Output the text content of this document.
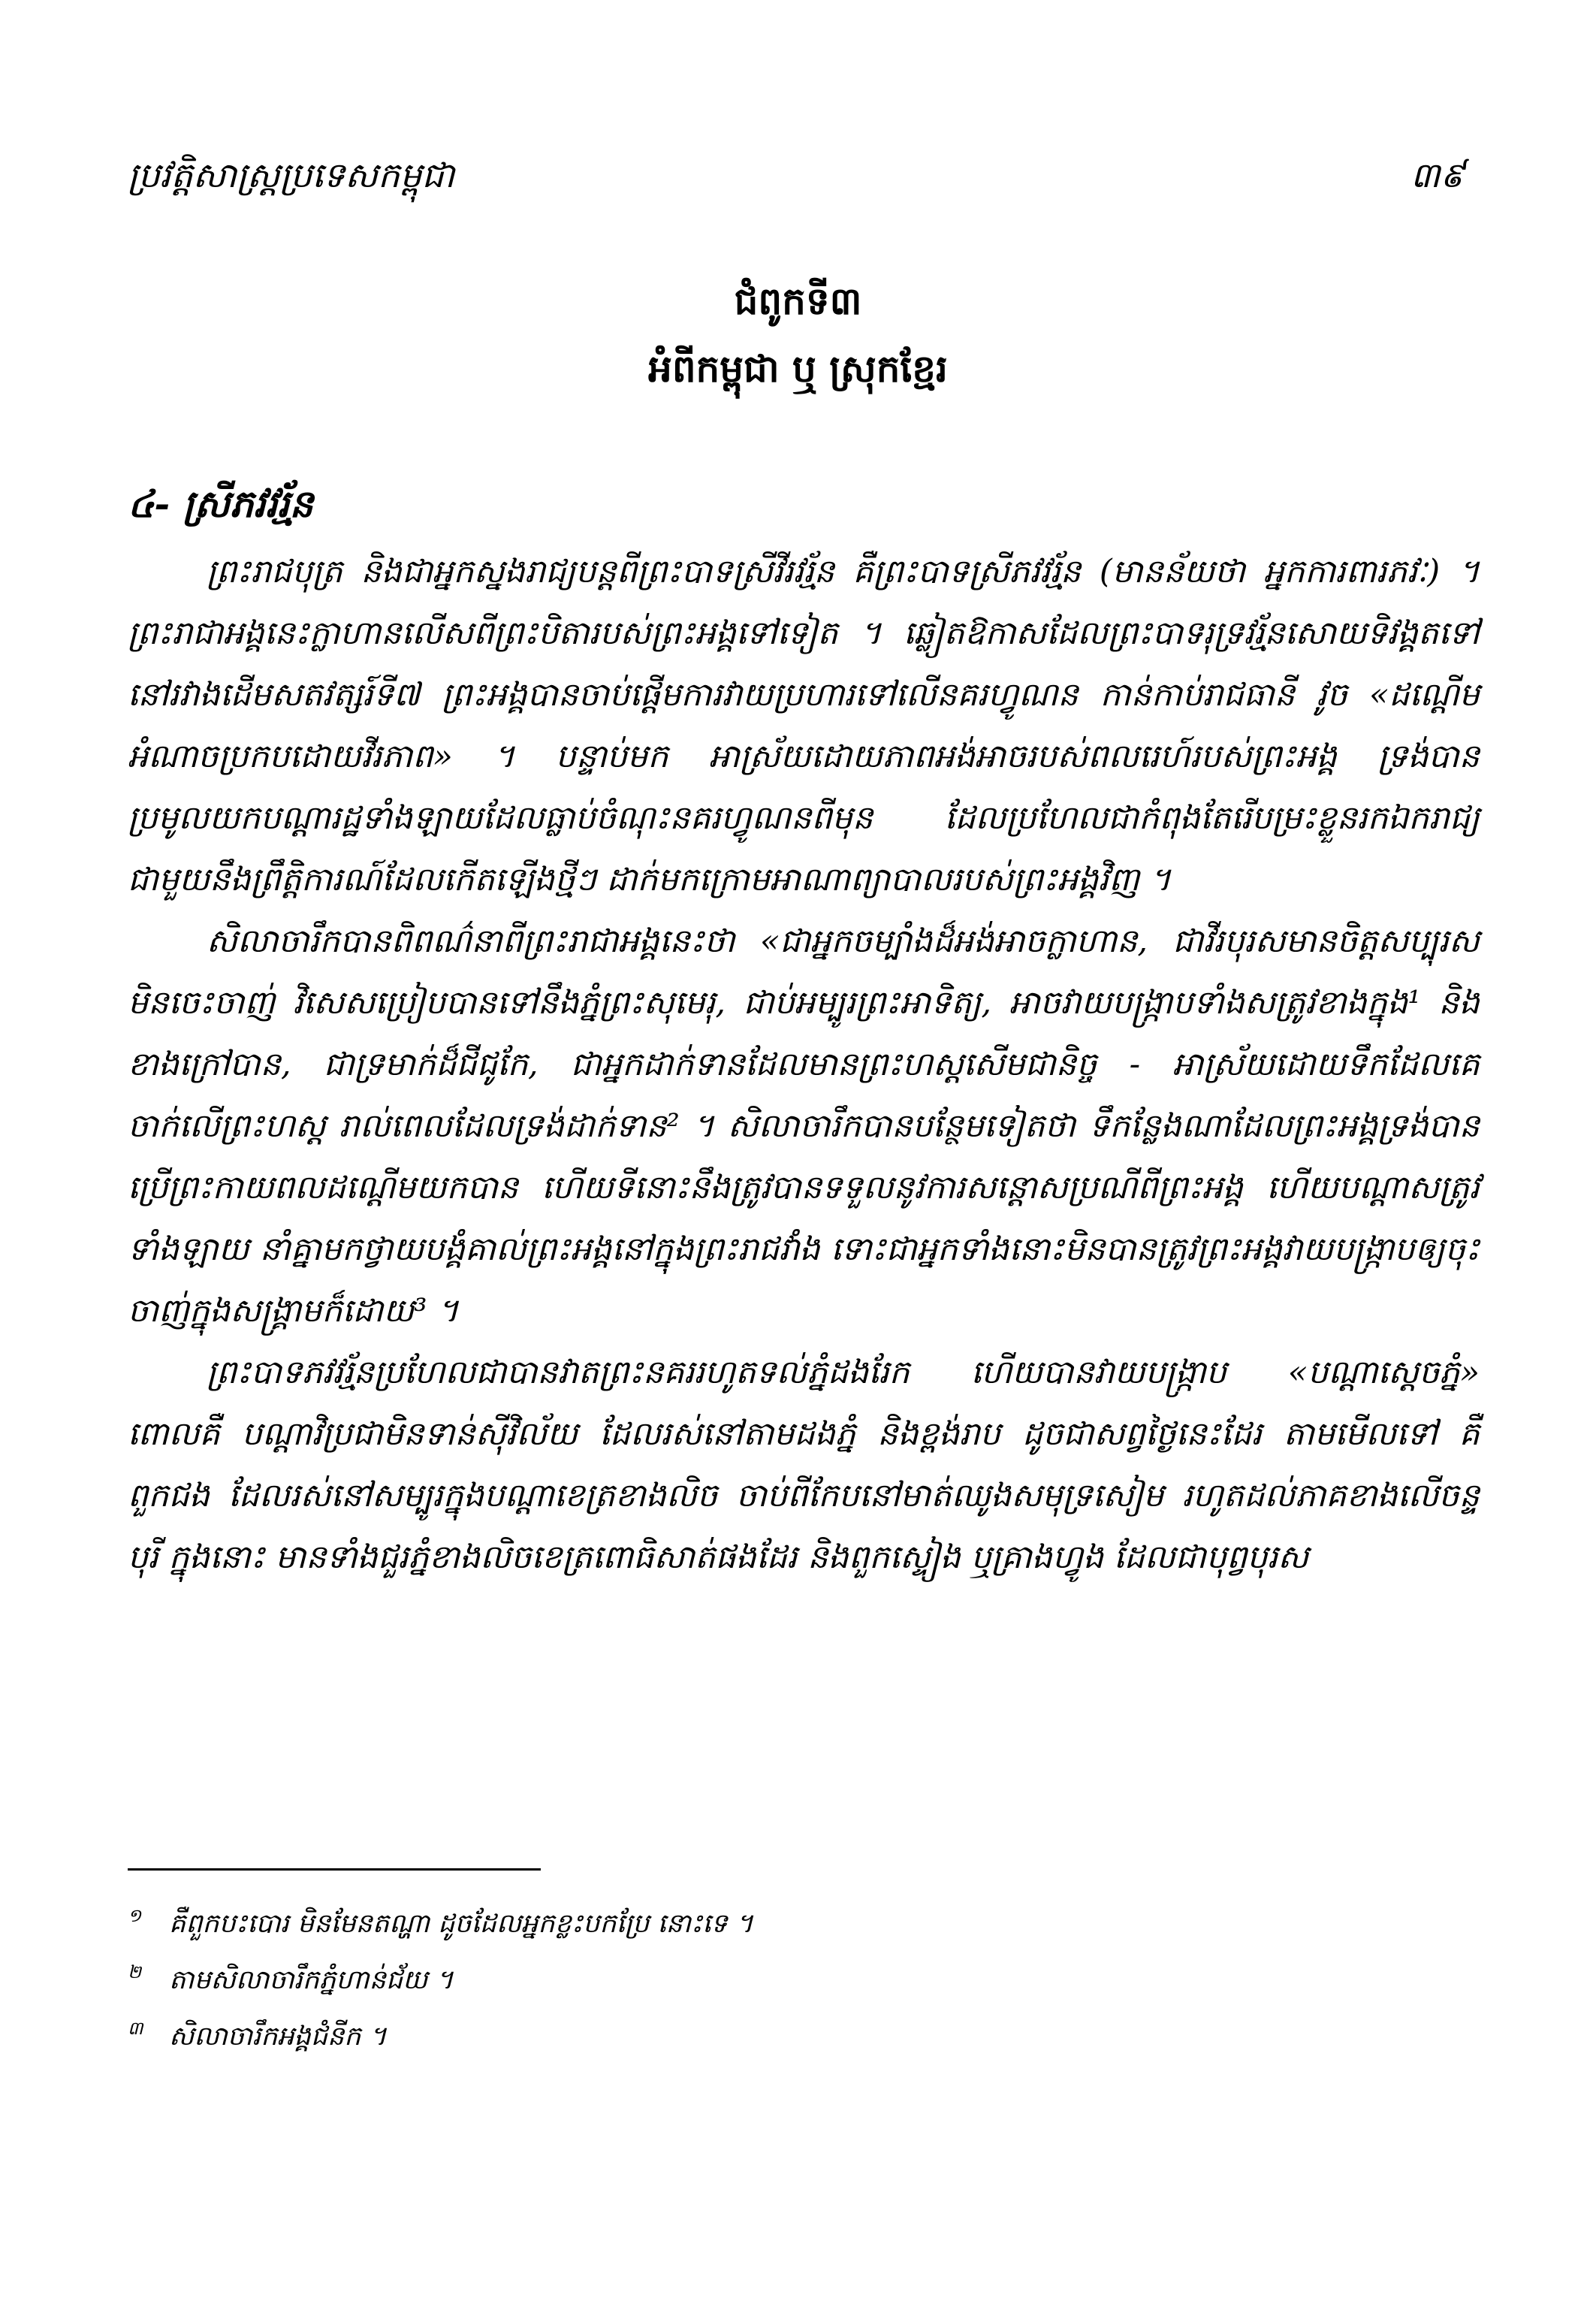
ប្រវត្តិសាស្ត្រប្រទេសកម្ពុជា	៣៩
ជំពូកទី៣
អំពីកម្ពុជា ឬ ស្រុកខ្មែរ
៤- ស្រីភវវរ្ម័ន

ព្រះរាជបុត្រ និងជាអ្នកស្នងរាជ្យបន្តពីព្រះបាទស្រីវីរវរ្ម័ន គឺព្រះបាទស្រីភវវរ្ម័ន (មានន័យថា អ្នកការពារភវៈ) ។ ព្រះរាជាអង្គនេះក្លាហានលើសពីព្រះបិតារបស់ព្រះអង្គទៅទៀត ។ ឆ្លៀតឱកាសដែលព្រះបាទរុទ្រវរ្ម័នសោយទិវង្គតទៅនៅរវាងដើមសតវត្សរ៍ទី៧ ព្រះអង្គបានចាប់ផ្ដើមការវាយប្រហារទៅលើនគរហ្វូណន កាន់កាប់រាជធានី វូច «ដណ្ដើមអំណាចប្រកបដោយវីរភាព» ។ បន្ទាប់មក អាស្រ័យដោយភាពអង់អាចរបស់ពលរេហ៍របស់ព្រះអង្គ ទ្រង់បានប្រមូលយកបណ្ដារដ្ឋទាំងឡាយដែលធ្លាប់ចំណុះនគរហ្វូណនពីមុន ដែលប្រហែលជាកំពុងតែរើបម្រះខ្លួនរកឯករាជ្យជាមួយនឹងព្រឹត្តិការណ៍ដែលកើតឡើងថ្មីៗ ដាក់មកក្រោមអាណាព្យាបាលរបស់ព្រះអង្គវិញ ។

សិលាចារឹកបានពិពណ៌នាពីព្រះរាជាអង្គនេះថា «ជាអ្នកចម្បាំងដ៏អង់អាចក្លាហាន, ជាវីរបុរសមានចិត្តសប្បុរស មិនចេះចាញ់ វិសេសប្រៀបបានទៅនឹងភ្នំព្រះសុមេរុ, ជាប់អម្បូរព្រះអាទិត្យ, អាចវាយបង្ក្រាបទាំងសត្រូវខាងក្នុង¹ និងខាងក្រៅបាន, ជាទ្រមាក់ដ៏ជីជូកែ, ជាអ្នកដាក់ទានដែលមានព្រះហស្តសើមជានិច្ច - អាស្រ័យដោយទឹកដែលគេចាក់លើព្រះហស្ត រាល់ពេលដែលទ្រង់ដាក់ទាន² ។ សិលាចារឹកបានបន្ថែមទៀតថា ទឹកន្លែងណាដែលព្រះអង្គទ្រង់បានប្រើព្រះកាយពលដណ្ដើមយកបាន ហើយទីនោះនឹងត្រូវបានទទួលនូវការសន្តោសប្រណីពីព្រះអង្គ ហើយបណ្ដាសត្រូវទាំងឡាយ នាំគ្នាមកថ្វាយបង្គំគាល់ព្រះអង្គនៅក្នុងព្រះរាជវាំង ទោះជាអ្នកទាំងនោះមិនបានត្រូវព្រះអង្គវាយបង្ក្រាបឲ្យចុះចាញ់ក្នុងសង្គ្រាមក៏ដោយ³ ។

ព្រះបាទភវវរ្ម័នប្រហែលជាបានវាតព្រះនគររហូតទល់ភ្នំដងរែក ហើយបានវាយបង្ក្រាប «បណ្ដាស្ដេចភ្នំ» ពោលគឺ បណ្ដាវិប្រជាមិនទាន់ស៊ីវិល័យ ដែលរស់នៅតាមដងភ្នំ និងខ្ពង់រាប ដូចជាសព្វថ្ងៃនេះដែរ តាមមើលទៅ គឺពួកជង ដែលរស់នៅសម្បូរក្នុងបណ្ដាខេត្រខាងលិច ចាប់ពីកែបនៅមាត់ឈូងសមុទ្រសៀម រហូតដល់ភាគខាងលើចន្ទបុរី ក្នុងនោះ មានទាំងជួរភ្នំខាងលិចខេត្រពោធិសាត់ផងដែរ និងពួកស្ទៀង ឬគ្រាងហ្វូង ដែលជាបុព្វបុរស

១	គឺពួកបះបោរ មិនមែនតណ្ហា ដូចដែលអ្នកខ្លះបកប្រែ នោះទេ ។
២	តាមសិលាចារឹកភ្នំហាន់ជ័យ ។
៣ សិលាចារឹកអង្គជំនីក ។
